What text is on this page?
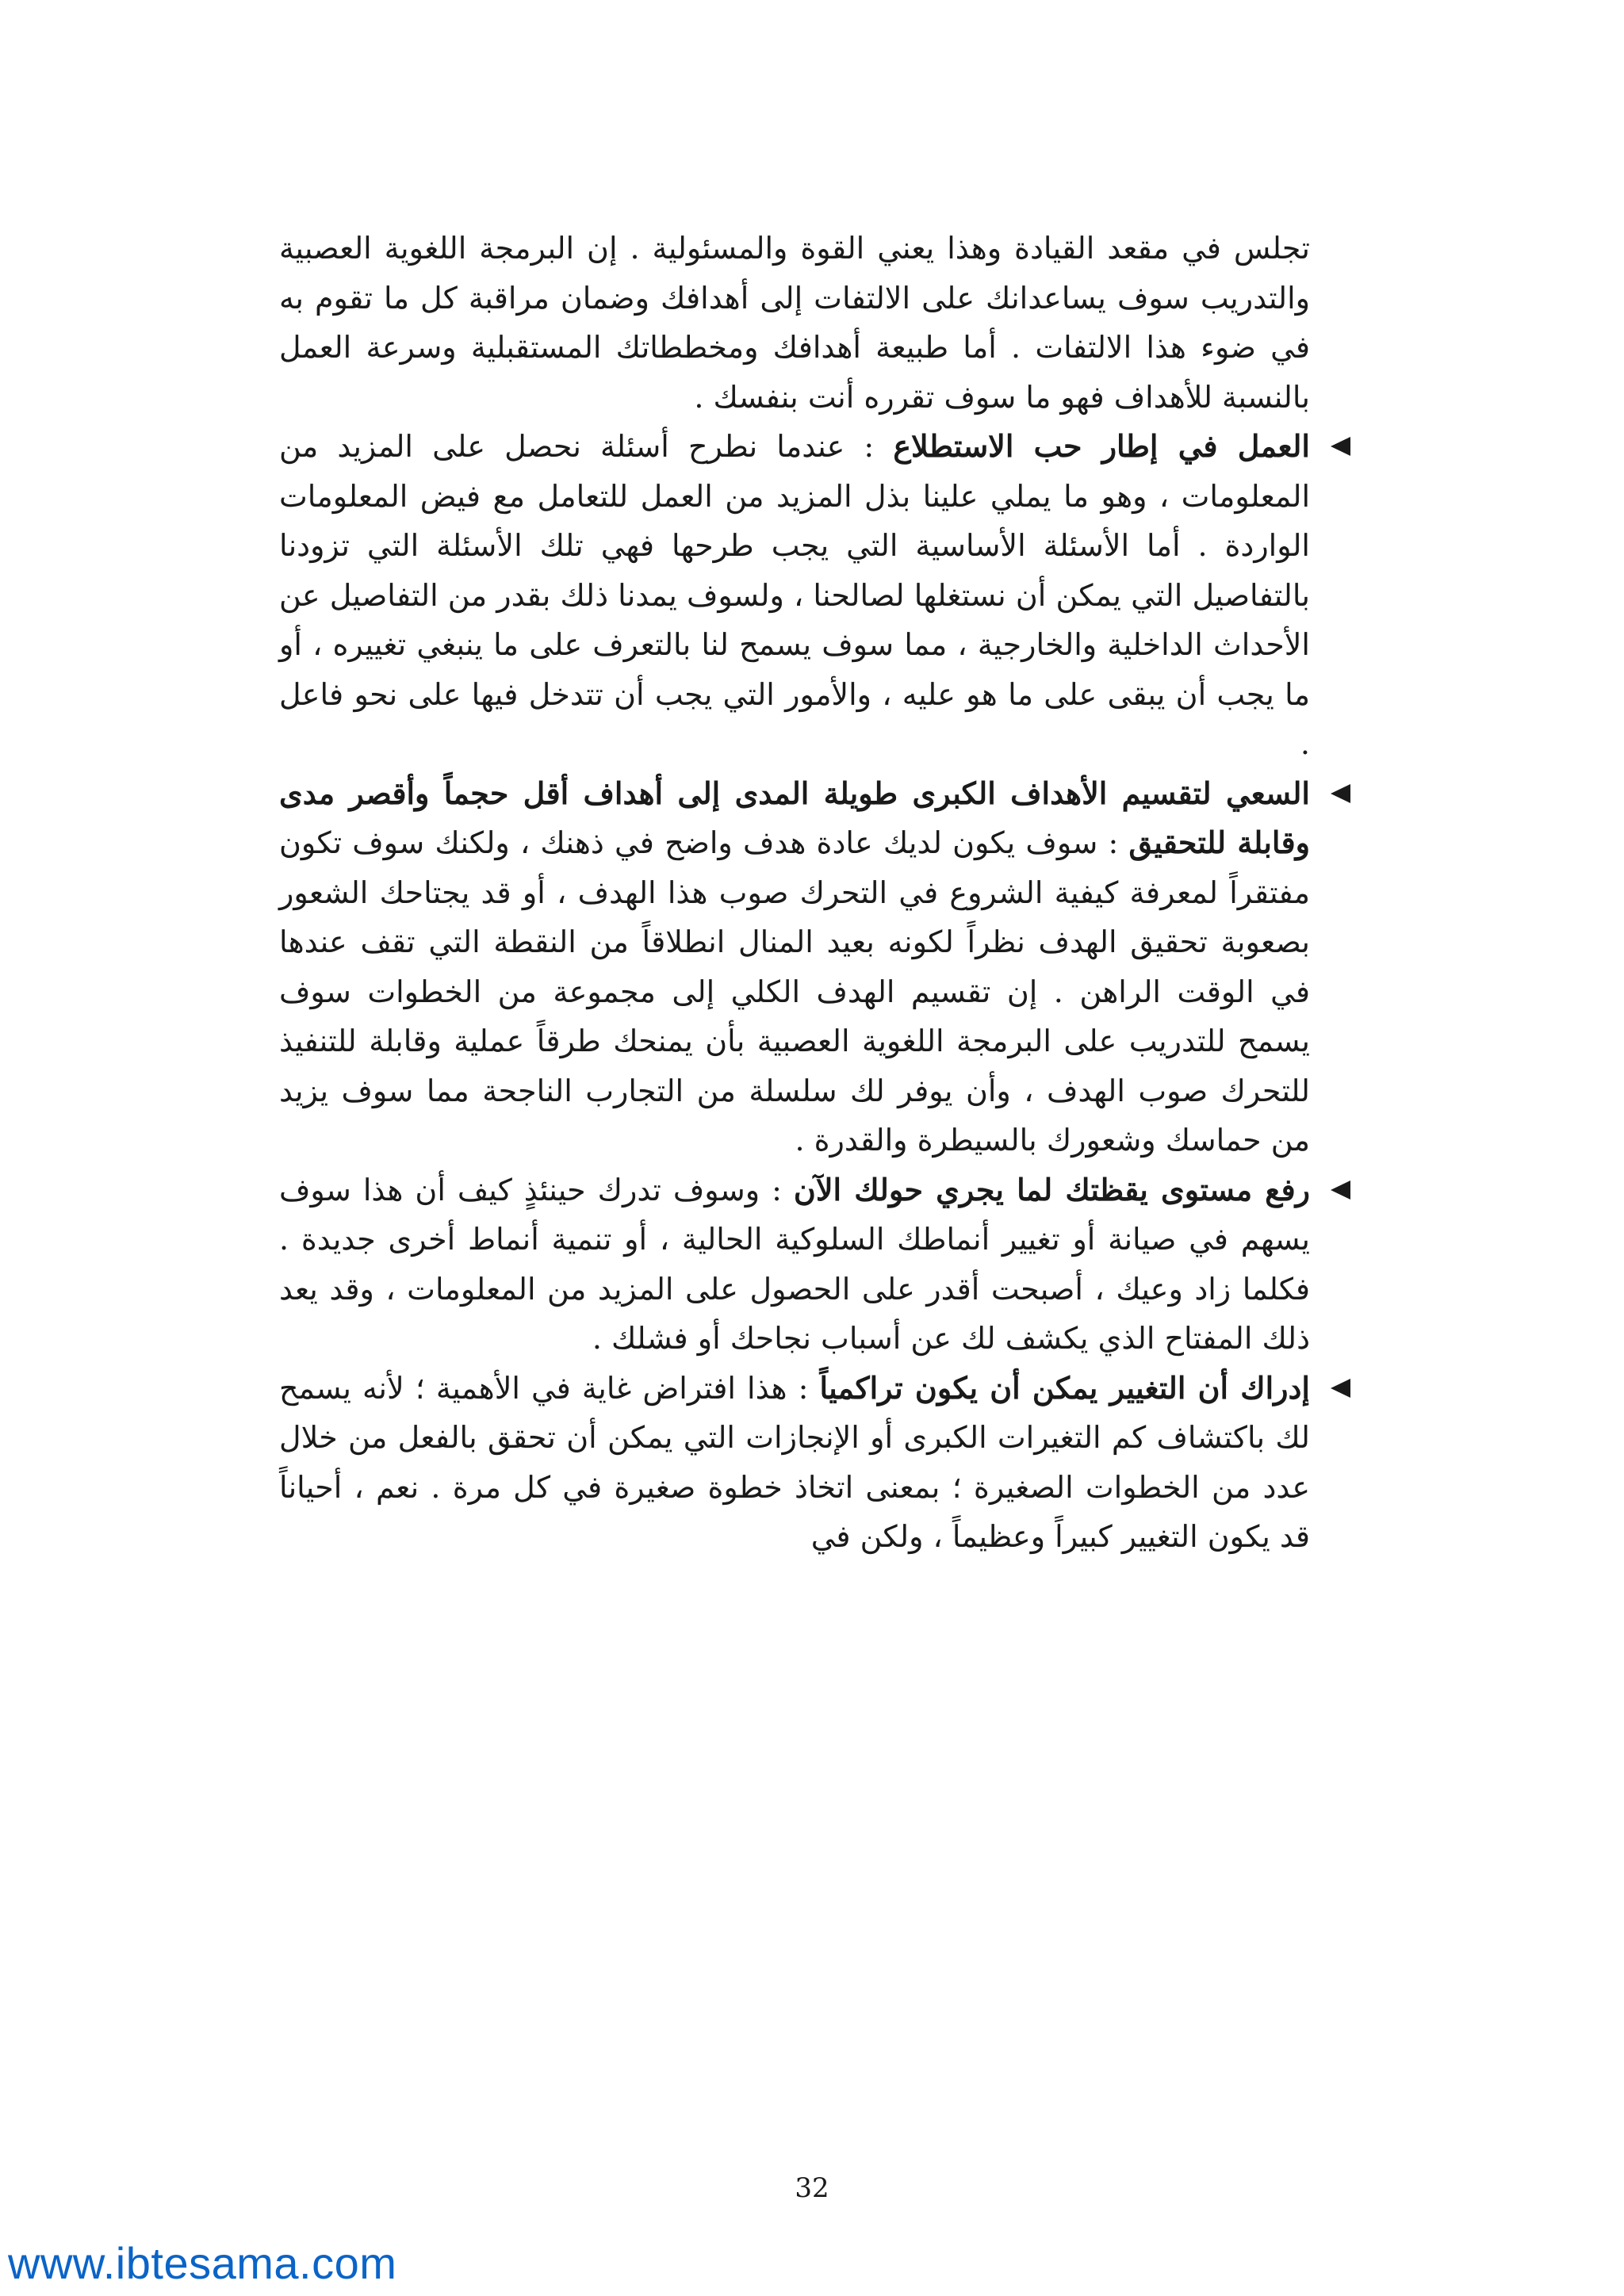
تجلس في مقعد القيادة وهذا يعني القوة والمسئولية . إن البرمجة اللغوية العصبية والتدريب سوف يساعدانك على الالتفات إلى أهدافك وضمان مراقبة كل ما تقوم به في ضوء هذا الالتفات . أما طبيعة أهدافك ومخططاتك المستقبلية وسرعة العمل بالنسبة للأهداف فهو ما سوف تقرره أنت بنفسك .

العمل في إطار حب الاستطلاع : عندما نطرح أسئلة نحصل على المزيد من المعلومات ، وهو ما يملي علينا بذل المزيد من العمل للتعامل مع فيض المعلومات الواردة . أما الأسئلة الأساسية التي يجب طرحها فهي تلك الأسئلة التي تزودنا بالتفاصيل التي يمكن أن نستغلها لصالحنا ، ولسوف يمدنا ذلك بقدر من التفاصيل عن الأحداث الداخلية والخارجية ، مما سوف يسمح لنا بالتعرف على ما ينبغي تغييره ، أو ما يجب أن يبقى على ما هو عليه ، والأمور التي يجب أن تتدخل فيها على نحو فاعل .

السعي لتقسيم الأهداف الكبرى طويلة المدى إلى أهداف أقل حجماً وأقصر مدى وقابلة للتحقيق : سوف يكون لديك عادة هدف واضح في ذهنك ، ولكنك سوف تكون مفتقراً لمعرفة كيفية الشروع في التحرك صوب هذا الهدف ، أو قد يجتاحك الشعور بصعوبة تحقيق الهدف نظراً لكونه بعيد المنال انطلاقاً من النقطة التي تقف عندها في الوقت الراهن . إن تقسيم الهدف الكلي إلى مجموعة من الخطوات سوف يسمح للتدريب على البرمجة اللغوية العصبية بأن يمنحك طرقاً عملية وقابلة للتنفيذ للتحرك صوب الهدف ، وأن يوفر لك سلسلة من التجارب الناجحة مما سوف يزيد من حماسك وشعورك بالسيطرة والقدرة .

رفع مستوى يقظتك لما يجري حولك الآن : وسوف تدرك حينئذٍ كيف أن هذا سوف يسهم في صيانة أو تغيير أنماطك السلوكية الحالية ، أو تنمية أنماط أخرى جديدة . فكلما زاد وعيك ، أصبحت أقدر على الحصول على المزيد من المعلومات ، وقد يعد ذلك المفتاح الذي يكشف لك عن أسباب نجاحك أو فشلك .

إدراك أن التغيير يمكن أن يكون تراكمياً : هذا افتراض غاية في الأهمية ؛ لأنه يسمح لك باكتشاف كم التغيرات الكبرى أو الإنجازات التي يمكن أن تحقق بالفعل من خلال عدد من الخطوات الصغيرة ؛ بمعنى اتخاذ خطوة صغيرة في كل مرة . نعم ، أحياناً قد يكون التغيير كبيراً وعظيماً ، ولكن في

32
www.ibtesama.com
